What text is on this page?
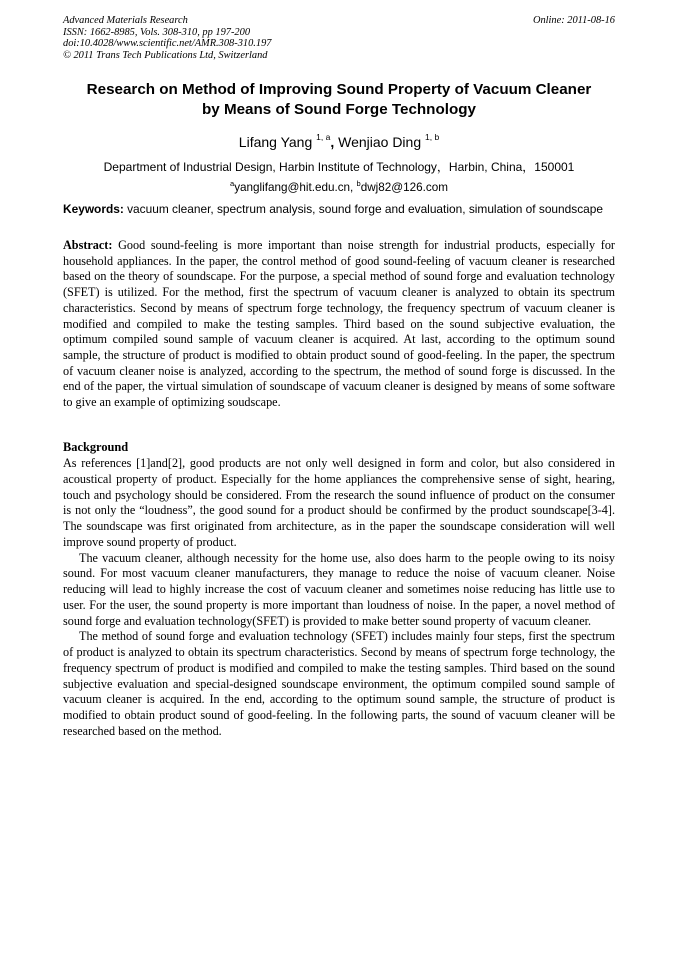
Advanced Materials Research
ISSN: 1662-8985, Vols. 308-310, pp 197-200
doi:10.4028/www.scientific.net/AMR.308-310.197
© 2011 Trans Tech Publications Ltd, Switzerland
Online: 2011-08-16
Research on Method of Improving Sound Property of Vacuum Cleaner
by Means of Sound Forge Technology
Lifang Yang $^{1, a}$, Wenjiao Ding $^{1, b}$
Department of Industrial Design, Harbin Institute of Technology，Harbin, China，150001
$^a$yanglifang@hit.edu.cn, $^b$dwj82@126.com
Keywords: vacuum cleaner, spectrum analysis, sound forge and evaluation, simulation of soundscape
Abstract: Good sound-feeling is more important than noise strength for industrial products, especially for household appliances. In the paper, the control method of good sound-feeling of vacuum cleaner is researched based on the theory of soundscape. For the purpose, a special method of sound forge and evaluation technology (SFET) is utilized. For the method, first the spectrum of vacuum cleaner is analyzed to obtain its spectrum characteristics. Second by means of spectrum forge technology, the frequency spectrum of vacuum cleaner is modified and compiled to make the testing samples. Third based on the sound subjective evaluation, the optimum compiled sound sample of vacuum cleaner is acquired. At last, according to the optimum sound sample, the structure of product is modified to obtain product sound of good-feeling. In the paper, the spectrum of vacuum cleaner noise is analyzed, according to the spectrum, the method of sound forge is discussed. In the end of the paper, the virtual simulation of soundscape of vacuum cleaner is designed by means of some software to give an example of optimizing soudscape.
Background

As references [1]and[2], good products are not only well designed in form and color, but also considered in acoustical property of product. Especially for the home appliances the comprehensive sense of sight, hearing, touch and psychology should be considered. From the research the sound influence of product on the consumer is not only the “loudness”, the good sound for a product should be confirmed by the product soundscape[3-4]. The soundscape was first originated from architecture, as in the paper the soundscape consideration will well improve sound property of product.

The vacuum cleaner, although necessity for the home use, also does harm to the people owing to its noisy sound. For most vacuum cleaner manufacturers, they manage to reduce the noise of vacuum cleaner. Noise reducing will lead to highly increase the cost of vacuum cleaner and sometimes noise reducing has little use to user. For the user, the sound property is more important than loudness of noise. In the paper, a novel method of sound forge and evaluation technology(SFET) is provided to make better sound property of vacuum cleaner.

The method of sound forge and evaluation technology (SFET) includes mainly four steps, first the spectrum of product is analyzed to obtain its spectrum characteristics. Second by means of spectrum forge technology, the frequency spectrum of product is modified and compiled to make the testing samples. Third based on the sound subjective evaluation and special-designed soundscape environment, the optimum compiled sound sample of vacuum cleaner is acquired. In the end, according to the optimum sound sample, the structure of product is modified to obtain product sound of good-feeling. In the following parts, the sound of vacuum cleaner will be researched based on the method.
